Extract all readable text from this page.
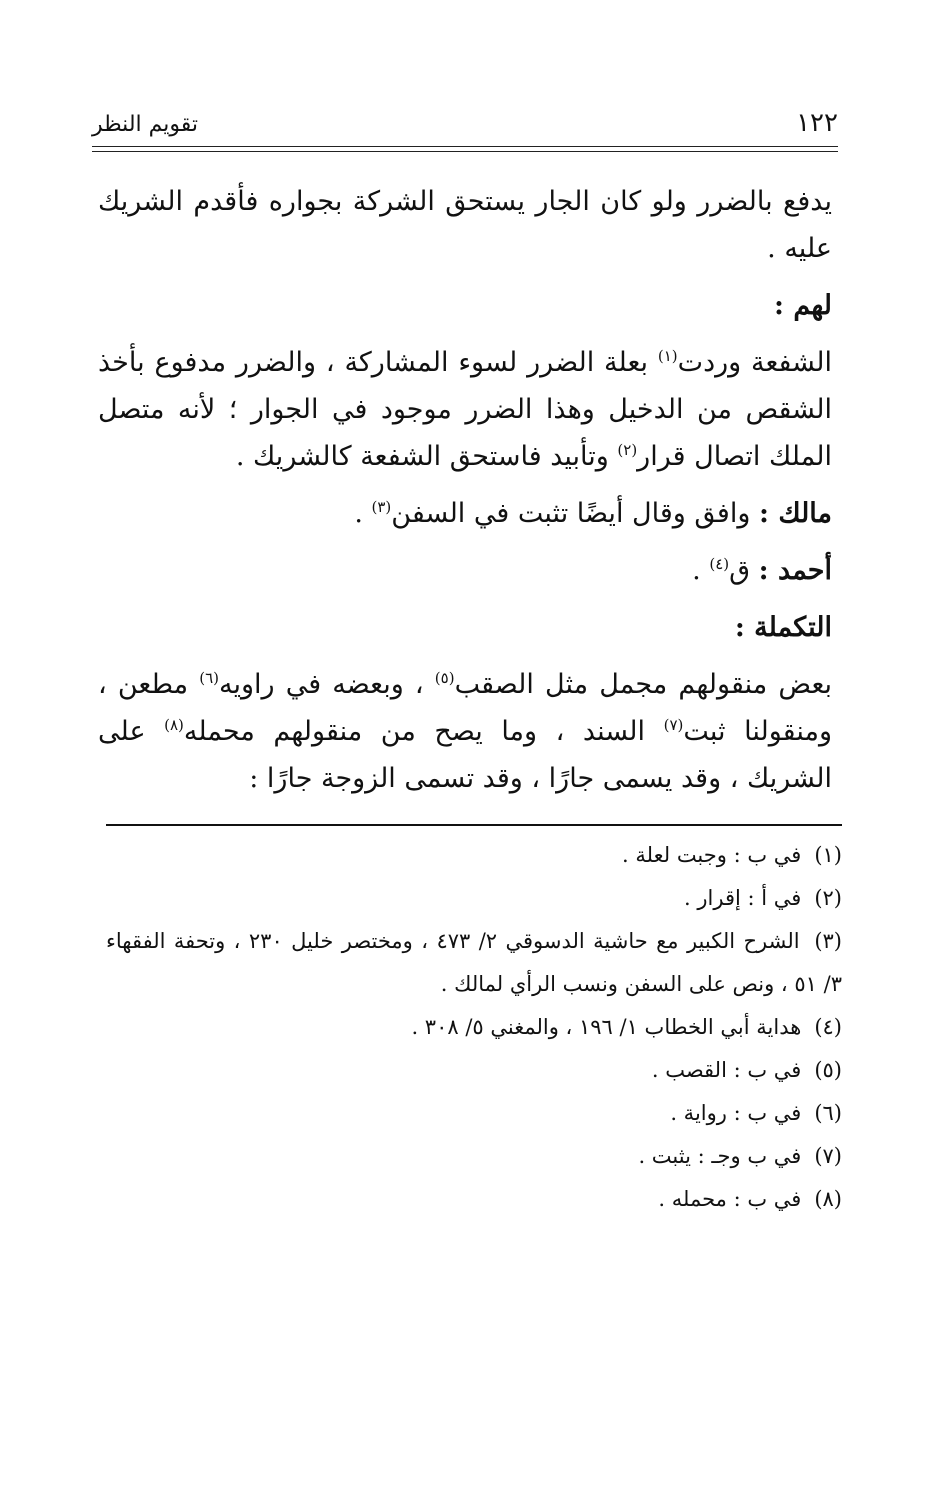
١٢٢
تقويم النظر

يدفع بالضرر ولو كان الجار يستحق الشركة بجواره فأقدم الشريك عليه .

لهم :

الشفعة وردت$^{(١)}$ بعلة الضرر لسوء المشاركة ، والضرر مدفوع بأخذ الشقص من الدخيل وهذا الضرر موجود في الجوار ؛ لأنه متصل الملك اتصال قرار$^{(٢)}$ وتأبيد فاستحق الشفعة كالشريك .

مالك : وافق وقال أيضًا تثبت في السفن$^{(٣)}$ .

أحمد : ق$^{(٤)}$ .

التكملة :

بعض منقولهم مجمل مثل الصقب$^{(٥)}$ ، وبعضه في راويه$^{(٦)}$ مطعن ، ومنقولنا ثبت$^{(٧)}$ السند ، وما يصح من منقولهم محمله$^{(٨)}$ على الشريك ، وقد يسمى جارًا ، وقد تسمى الزوجة جارًا :

(١) في ب : وجبت لعلة .
(٢) في أ : إقرار .
(٣) الشرح الكبير مع حاشية الدسوقي ٢/ ٤٧٣ ، ومختصر خليل ٢٣٠ ، وتحفة الفقهاء ٣/ ٥١ ، ونص على السفن ونسب الرأي لمالك .
(٤) هداية أبي الخطاب ١/ ١٩٦ ، والمغني ٥/ ٣٠٨ .
(٥) في ب : القصب .
(٦) في ب : رواية .
(٧) في ب وجـ : يثبت .
(٨) في ب : محمله .
